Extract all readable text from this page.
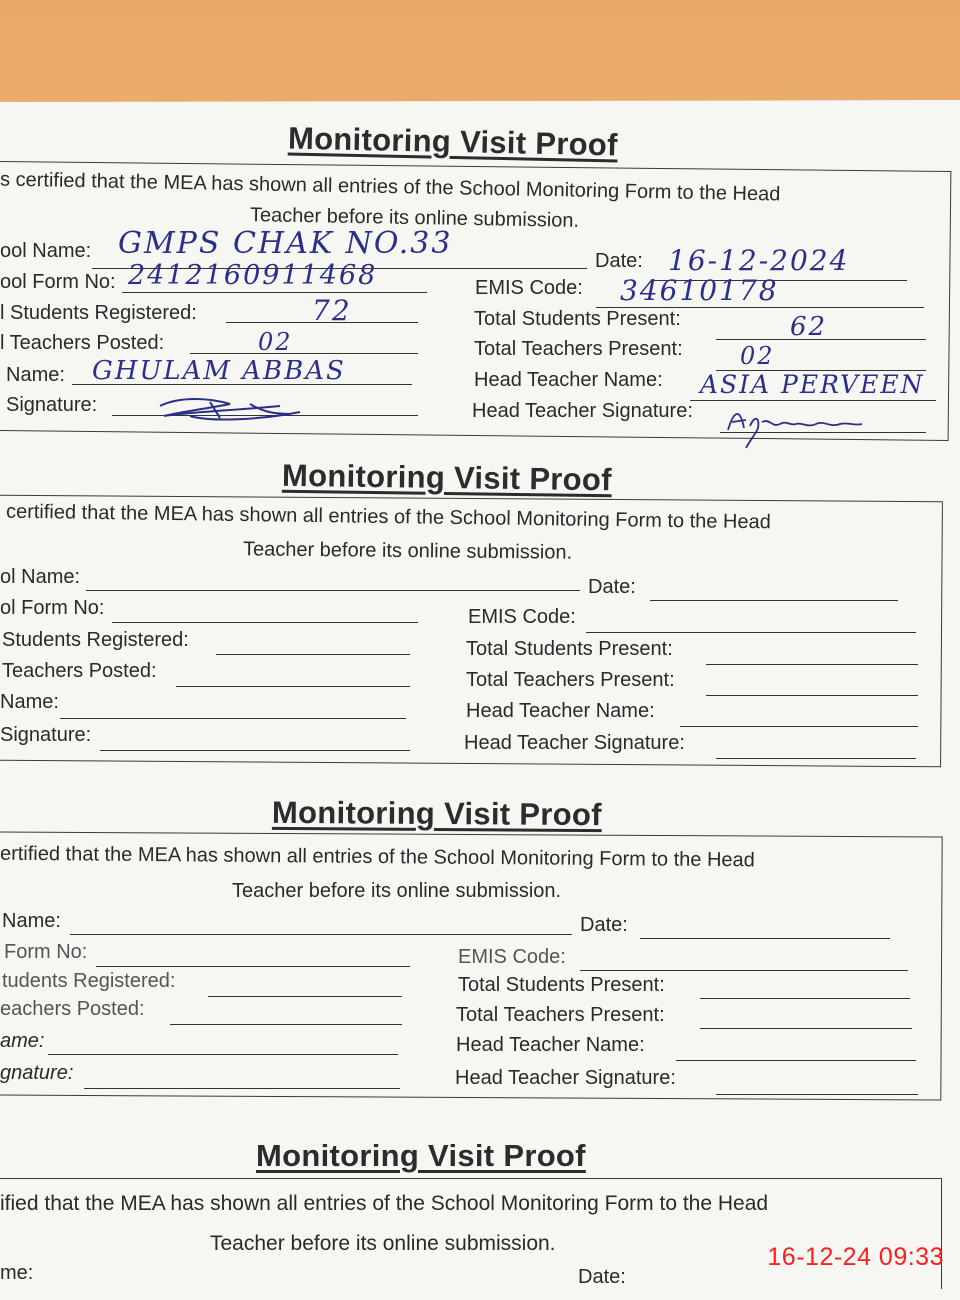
Monitoring Visit Proof
s certified that the MEA has shown all entries of the School Monitoring Form to the Head
Teacher before its online submission.
ool Name: GMPS CHAK NO.33	Date: 16-12-2024
ool Form No: 2412160911468	EMIS Code: 34610178
l Students Registered:	72	Total Students Present:	62
l Teachers Posted:	02	Total Teachers Present: 02
Name: GHULAM ABBAS	Head Teacher Name: ASIA PERVEEN
Signature:	Head Teacher Signature:
Monitoring Visit Proof
certified that the MEA has shown all entries of the School Monitoring Form to the Head
Teacher before its online submission.
ol Name:	Date:
ol Form No:	EMIS Code:
Students Registered:	Total Students Present:
Teachers Posted:	Total Teachers Present:
Name:	Head Teacher Name:
Signature:	Head Teacher Signature:
Monitoring Visit Proof
ertified that the MEA has shown all entries of the School Monitoring Form to the Head
Teacher before its online submission.
Name:	Date:
Form No:	EMIS Code:
tudents Registered:	Total Students Present:
eachers Posted:	Total Teachers Present:
ame:	Head Teacher Name:
gnature:	Head Teacher Signature:
Monitoring Visit Proof
ified that the MEA has shown all entries of the School Monitoring Form to the Head
Teacher before its online submission.
me:	Date:
16-12-24 09:33
